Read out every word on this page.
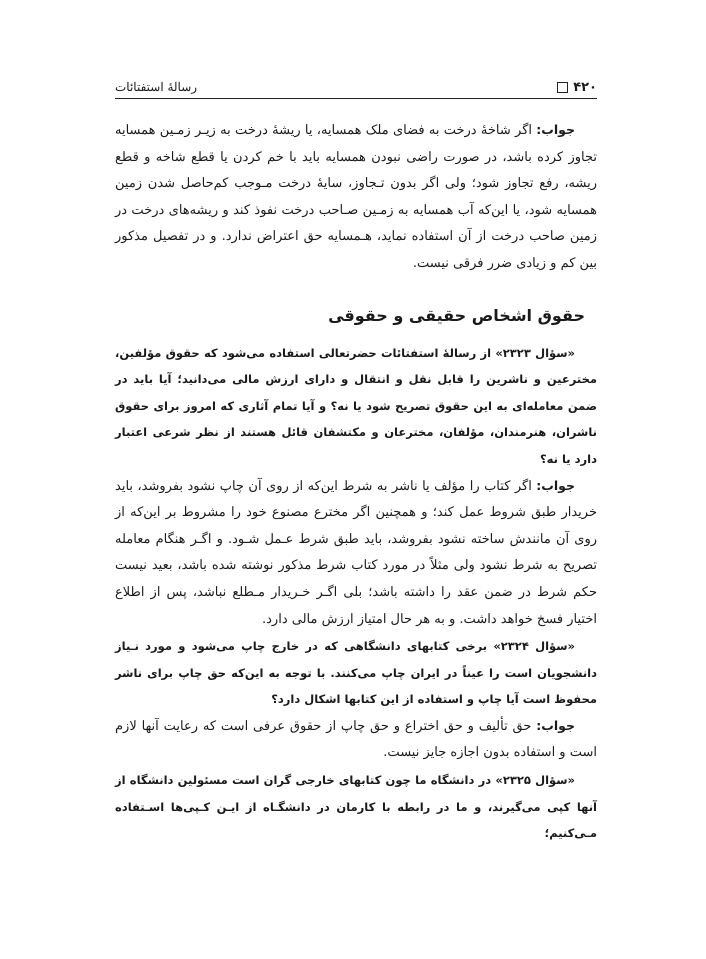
۴۲۰
رسالهٔ استفتائات

جواب: اگر شاخهٔ درخت به فضای ملک همسایه، یا ریشهٔ درخت به زیـر زمـین همسایه تجاوز کرده باشد، در صورت راضی نبودن همسایه باید با خم کردن یا قطع شاخه و قطع ریشه، رفع تجاوز شود؛ ولی اگر بدون تـجاوز، سایهٔ درخت مـوجب کم‌حاصل شدن زمین همسایه شود، یا این‌که آب همسایه به زمـین صـاحب درخت نفوذ کند و ریشه‌های درخت در زمین صاحب درخت از آن استفاده نماید، هـمسایه حق اعتراض ندارد. و در تفصیل مذکور بین کم و زیادی ضرر فرقی نیست.

حقوق اشخاص حقیقی و حقوقی

«سؤال ۲۳۲۳» از رسالهٔ استفتائات حضرتعالی استفاده می‌شود که حقوق مؤلفین، مخترعین و ناشرین را قابل نقل و انتقال و دارای ارزش مالی می‌دانید؛ آیا باید در ضمن معامله‌ای به این حقوق تصریح شود یا نه؟ و آیا تمام آثاری که امروز برای حقوق ناشران، هنرمندان، مؤلفان، مخترعان و مکتشفان قائل هستند از نظر شرعی اعتبار دارد یا نه؟

جواب: اگر کتاب را مؤلف یا ناشر به شرط این‌که از روی آن چاپ نشود بفروشد، باید خریدار طبق شروط عمل کند؛ و همچنین اگر مخترع مصنوع خود را مشروط بر این‌که از روی آن مانندش ساخته نشود بفروشد، باید طبق شرط عـمل شـود. و اگـر هنگام معامله تصریح به شرط نشود ولی مثلاً در مورد کتاب شرط مذکور نوشته شده باشد، بعید نیست حکم شرط در ضمن عقد را داشته باشد؛ بلی اگـر خـریدار مـطلع نباشد، پس از اطلاع اختیار فسخ خواهد داشت. و به هر حال امتیاز ارزش مالی دارد.

«سؤال ۲۳۲۴» برخی کتابهای دانشگاهی که در خارج چاپ می‌شود و مورد نـیاز دانشجویان است را عیناً در ایران چاپ می‌کنند. با توجه به این‌که حق چاپ برای ناشر محفوظ است آیا چاپ و استفاده از این کتابها اشکال دارد؟

جواب: حق تألیف و حق اختراع و حق چاپ از حقوق عرفی است که رعایت آنها لازم است و استفاده بدون اجازه جایز نیست.

«سؤال ۲۳۲۵» در دانشگاه ما چون کتابهای خارجی گران است مسئولین دانشگاه از آنها کپی می‌گیرند، و ما در رابطه با کارمان در دانشگـاه از ایـن کـپی‌ها اسـتفاده مـی‌کنیم؛
